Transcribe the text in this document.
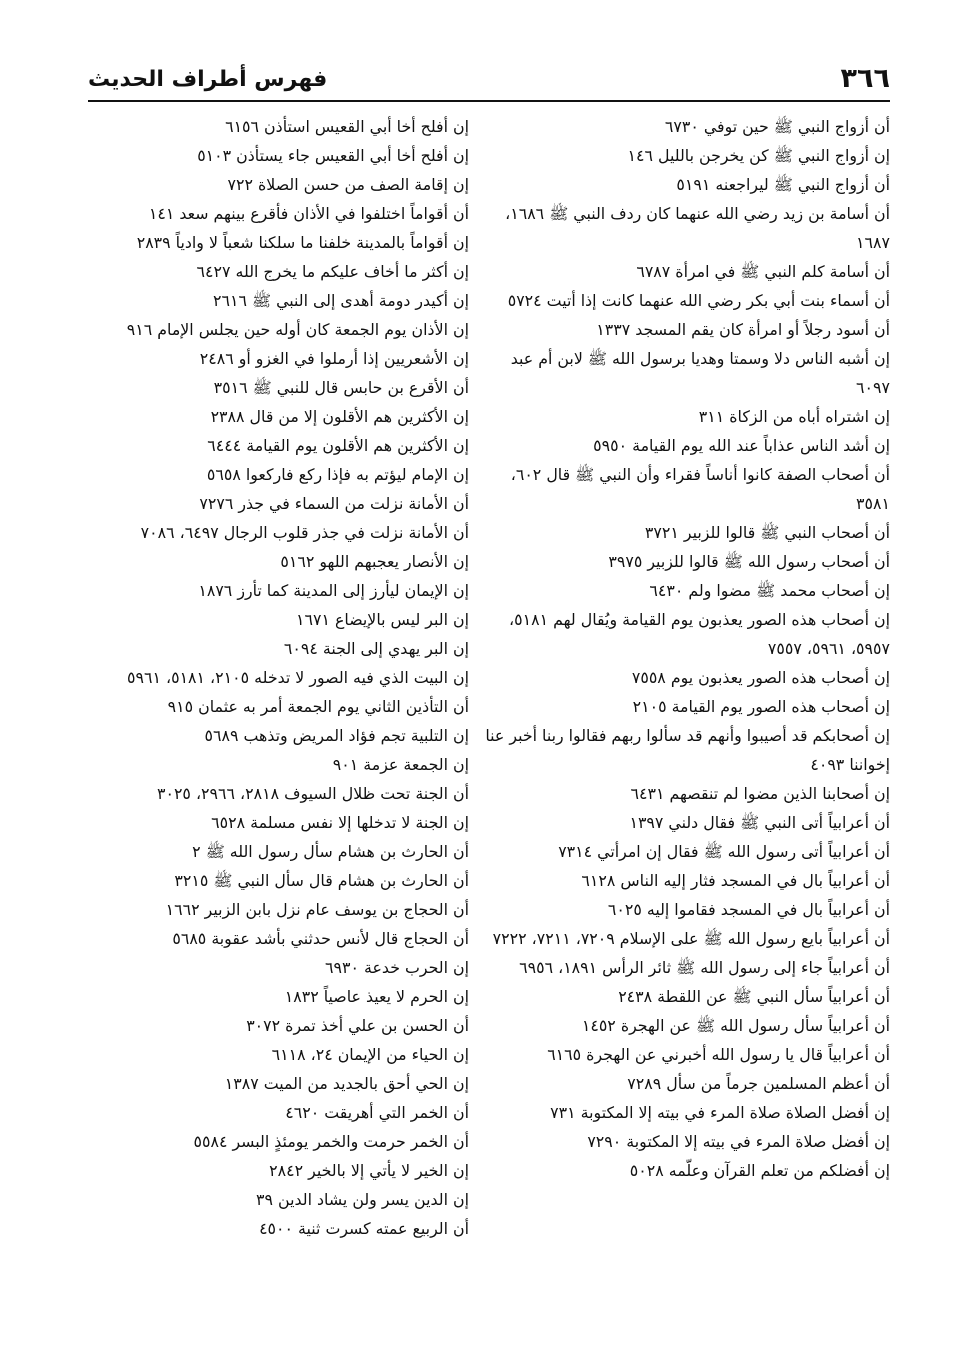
٣٦٦
فهرس أطراف الحديث

أن أزواج النبي ﷺ حين توفي ٦٧٣٠

إن أزواج النبي ﷺ كن يخرجن بالليل ١٤٦

أن أزواج النبي ﷺ ليراجعنه ٥١٩١

أن أسامة بن زيد رضي الله عنهما كان ردف النبي ﷺ ١٦٨٦، ١٦٨٧

أن أسامة كلم النبي ﷺ في امرأة ٦٧٨٧

أن أسماء بنت أبي بكر رضي الله عنهما كانت إذا أتيت ٥٧٢٤

أن أسود رجلاً أو امرأة كان يقم المسجد ١٣٣٧

إن أشبه الناس دلا وسمتا وهديا برسول الله ﷺ لابن أم عبد ٦٠٩٧

إن اشتراه أباه من الزكاة ٣١١

إن أشد الناس عذاباً عند الله يوم القيامة ٥٩٥٠

أن أصحاب الصفة كانوا أناساً فقراء وأن النبي ﷺ قال ٦٠٢، ٣٥٨١

أن أصحاب النبي ﷺ قالوا للزبير ٣٧٢١

أن أصحاب رسول الله ﷺ قالوا للزبير ٣٩٧٥

إن أصحاب محمد ﷺ مضوا ولم ٦٤٣٠

إن أصحاب هذه الصور يعذبون يوم القيامة ويُقال لهم ٥١٨١، ٥٩٥٧، ٥٩٦١، ٧٥٥٧

إن أصحاب هذه الصور يعذبون يوم ٧٥٥٨

إن أصحاب هذه الصور يوم القيامة ٢١٠٥

إن أصحابكم قد أصيبوا وأنهم قد سألوا ربهم فقالوا ربنا أخبر عنا إخواننا ٤٠٩٣

إن أصحابنا الذين مضوا لم تنقصهم ٦٤٣١

أن أعرابياً أتى النبي ﷺ فقال دلني ١٣٩٧

أن أعرابياً أتى رسول الله ﷺ فقال إن امرأتي ٧٣١٤

أن أعرابياً بال في المسجد فثار إليه الناس ٦١٢٨

أن أعرابياً بال في المسجد فقاموا إليه ٦٠٢٥

أن أعرابياً بايع رسول الله ﷺ على الإسلام ٧٢٠٩، ٧٢١١، ٧٢٢٢

أن أعرابياً جاء إلى رسول الله ﷺ ثائر الرأس ١٨٩١، ٦٩٥٦

أن أعرابياً سأل النبي ﷺ عن اللقطة ٢٤٣٨

أن أعرابياً سأل رسول الله ﷺ عن الهجرة ١٤٥٢

أن أعرابياً قال يا رسول الله أخبرني عن الهجرة ٦١٦٥

أن أعظم المسلمين جرماً من سأل ٧٢٨٩

إن أفضل الصلاة صلاة المرء في بيته إلا المكتوبة ٧٣١

إن أفضل صلاة المرء في بيته إلا المكتوبة ٧٢٩٠

إن أفضلكم من تعلم القرآن وعلّمه ٥٠٢٨

إن أفلح أخا أبي القعيس استأذن ٦١٥٦

إن أفلح أخا أبي القعيس جاء يستأذن ٥١٠٣

إن إقامة الصف من حسن الصلاة ٧٢٢

أن أقواماً اختلفوا في الأذان فأقرع بينهم سعد ١٤١

إن أقواماً بالمدينة خلفنا ما سلكنا شعباً لا وادياً ٢٨٣٩

إن أكثر ما أخاف عليكم ما يخرج الله ٦٤٢٧

إن أكيدر دومة أهدى إلى النبي ﷺ ٢٦١٦

إن الأذان يوم الجمعة كان أوله حين يجلس الإمام ٩١٦

إن الأشعريين إذا أرملوا في الغزو أو ٢٤٨٦

أن الأقرع بن حابس قال للنبي ﷺ ٣٥١٦

إن الأكثرين هم الأقلون إلا من قال ٢٣٨٨

إن الأكثرين هم الأقلون يوم القيامة ٦٤٤٤

إن الإمام ليؤتم به فإذا ركع فاركعوا ٥٦٥٨

أن الأمانة نزلت من السماء في جذر ٧٢٧٦

أن الأمانة نزلت في جذر قلوب الرجال ٦٤٩٧، ٧٠٨٦

إن الأنصار يعجبهم اللهو ٥١٦٢

إن الإيمان ليأرز إلى المدينة كما تأرز ١٨٧٦

إن البر ليس بالإيضاع ١٦٧١

إن البر يهدي إلى الجنة ٦٠٩٤

إن البيت الذي فيه الصور لا تدخله ٢١٠٥، ٥١٨١، ٥٩٦١

أن التأذين الثاني يوم الجمعة أمر به عثمان ٩١٥

إن التلبية تجم فؤاد المريض وتذهب ٥٦٨٩

إن الجمعة عزمة ٩٠١

أن الجنة تحت ظلال السيوف ٢٨١٨، ٢٩٦٦، ٣٠٢٥

إن الجنة لا تدخلها إلا نفس مسلمة ٦٥٢٨

أن الحارث بن هشام سأل رسول الله ﷺ ٢

أن الحارث بن هشام قال سأل النبي ﷺ ٣٢١٥

أن الحجاج بن يوسف عام نزل بابن الزبير ١٦٦٢

أن الحجاج قال لأنس حدثني بأشد عقوبة ٥٦٨٥

إن الحرب خدعة ٦٩٣٠

إن الحرم لا يعيذ عاصياً ١٨٣٢

أن الحسن بن علي أخذ تمرة ٣٠٧٢

إن الحياء من الإيمان ٢٤، ٦١١٨

إن الحي أحق بالجديد من الميت ١٣٨٧

أن الخمر التي أهريقت ٤٦٢٠

أن الخمر حرمت والخمر يومئذٍ البسر ٥٥٨٤

إن الخير لا يأتي إلا بالخير ٢٨٤٢

إن الدين يسر ولن يشاد الدين ٣٩

أن الربيع عمته كسرت ثنية ٤٥٠٠
